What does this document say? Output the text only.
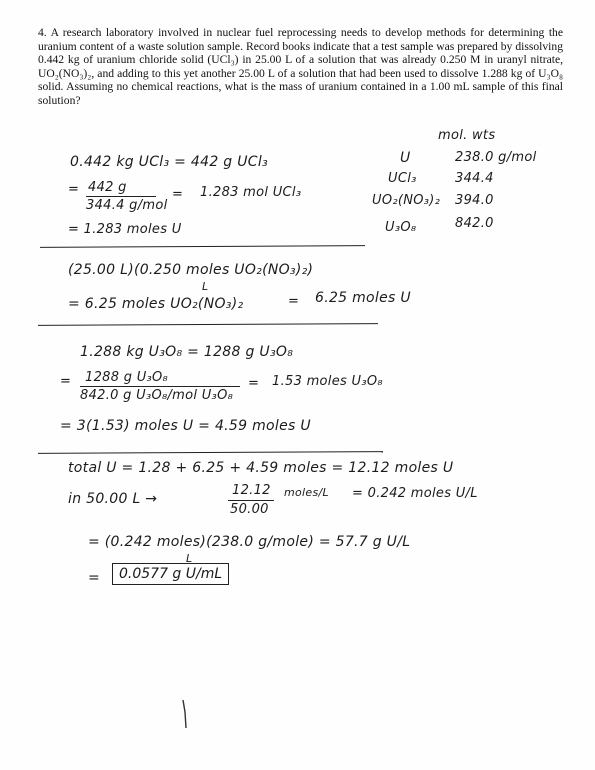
4. A research laboratory involved in nuclear fuel reprocessing needs to develop methods for determining the uranium content of a waste solution sample. Record books indicate that a test sample was prepared by dissolving 0.442 kg of uranium chloride solid (UCl₃) in 25.00 L of a solution that was already 0.250 M in uranyl nitrate, UO₂(NO₃)₂, and adding to this yet another 25.00 L of a solution that had been used to dissolve 1.288 kg of U₃O₈ solid. Assuming no chemical reactions, what is the mass of uranium contained in a 1.00 mL sample of this final solution?
mol. wts
U	238.0 g/mol
UCl₃	344.4
UO₂(NO₃)₂ 394.0
U₃O₈	842.0
0.442 kg UCl₃ = 442 g UCl₃
= 442 g
344.4 g/mol
= 1.283 mol UCl₃
= 1.283 moles U
(25.00 L)(0.250 moles UO₂(NO₃)₂)
L
= 6.25 moles UO₂(NO₃)₂	= 6.25 moles U
1.288 kg U₃O₈ = 1288 g U₃O₈
= 1288 g U₃O₈
842.0 g U₃O₈/mol U₃O₈
= 1.53 moles U₃O₈
= 3(1.53) moles U = 4.59 moles U
total U = 1.28 + 6.25 + 4.59 moles = 12.12 moles U
in 50.00 L →
12.12 moles/L
50.00
= 0.242 moles U/L
= (0.242 moles)(238.0 g/mole) = 57.7 g U/L
L
=	0.0577 g U/mL
